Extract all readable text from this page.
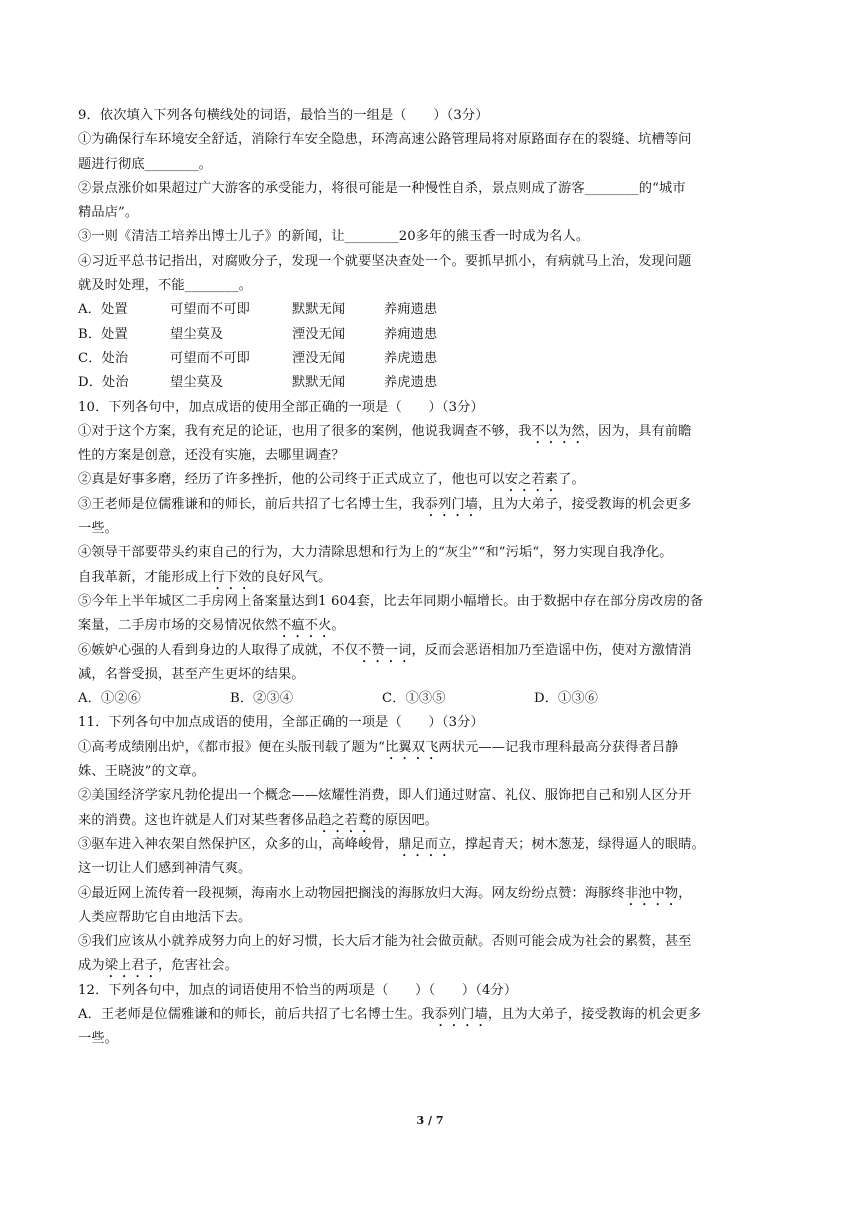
9．依次填入下列各句横线处的词语，最恰当的一组是（　　）（3分）
①为确保行车环境安全舒适，消除行车安全隐患，环湾高速公路管理局将对原路面存在的裂缝、坑槽等问
题进行彻底________。
②景点涨价如果超过广大游客的承受能力，将很可能是一种慢性自杀，景点则成了游客________的“城市
精品店”。
③一则《清洁工培养出博士儿子》的新闻，让________20多年的熊玉香一时成为名人。
④习近平总书记指出，对腐败分子，发现一个就要坚决查处一个。要抓早抓小，有病就马上治，发现问题
就及时处理，不能________。
A．处置	可望而不可即	默默无闻	养痈遗患
B．处置	望尘莫及	湮没无闻	养痈遗患
C．处治	可望而不可即	湮没无闻	养虎遗患
D．处治	望尘莫及	默默无闻	养虎遗患
10．下列各句中，加点成语的使用全部正确的一项是（　　）（3分）
①对于这个方案，我有充足的论证，也用了很多的案例，他说我调查不够，我不以为然，因为，具有前瞻
性的方案是创意，还没有实施，去哪里调查？
②真是好事多磨，经历了许多挫折，他的公司终于正式成立了，他也可以安之若素了。
③王老师是位儒雅谦和的师长，前后共招了七名博士生，我忝列门墙，且为大弟子，接受教诲的机会更多
一些。
④领导干部要带头约束自己的行为，大力清除思想和行为上的“灰尘”“和”污垢“，努力实现自我净化。
自我革新，才能形成上行下效的良好风气。
⑤今年上半年城区二手房网上备案量达到1 604套，比去年同期小幅增长。由于数据中存在部分房改房的备
案量，二手房市场的交易情况依然不瘟不火。
⑥嫉妒心强的人看到身边的人取得了成就，不仅不赞一词，反而会恶语相加乃至造谣中伤，使对方激情消
减，名誉受损，甚至产生更坏的结果。
A．①②⑥	B．②③④	C．①③⑤	D．①③⑥
11．下列各句中加点成语的使用，全部正确的一项是（　　）（3分）
①高考成绩刚出炉，《都市报》便在头版刊载了题为“比翼双飞两状元——记我市理科最高分获得者吕静
姝、王晓波”的文章。
②美国经济学家凡勃伦提出一个概念——炫耀性消费，即人们通过财富、礼仪、服饰把自己和别人区分开
来的消费。这也许就是人们对某些奢侈品趋之若鹜的原因吧。
③驱车进入神农架自然保护区，众多的山，高峰峻骨，鼎足而立，撑起青天；树木葱茏，绿得逼人的眼睛。
这一切让人们感到神清气爽。
④最近网上流传着一段视频，海南水上动物园把搁浅的海豚放归大海。网友纷纷点赞：海豚终非池中物，
人类应帮助它自由地活下去。
⑤我们应该从小就养成努力向上的好习惯，长大后才能为社会做贡献。否则可能会成为社会的累赘，甚至
成为梁上君子，危害社会。
12．下列各句中，加点的词语使用不恰当的两项是（　　）（　　）（4分）
A．王老师是位儒雅谦和的师长，前后共招了七名博士生。我忝列门墙，且为大弟子，接受教诲的机会更多
一些。
3 / 7
